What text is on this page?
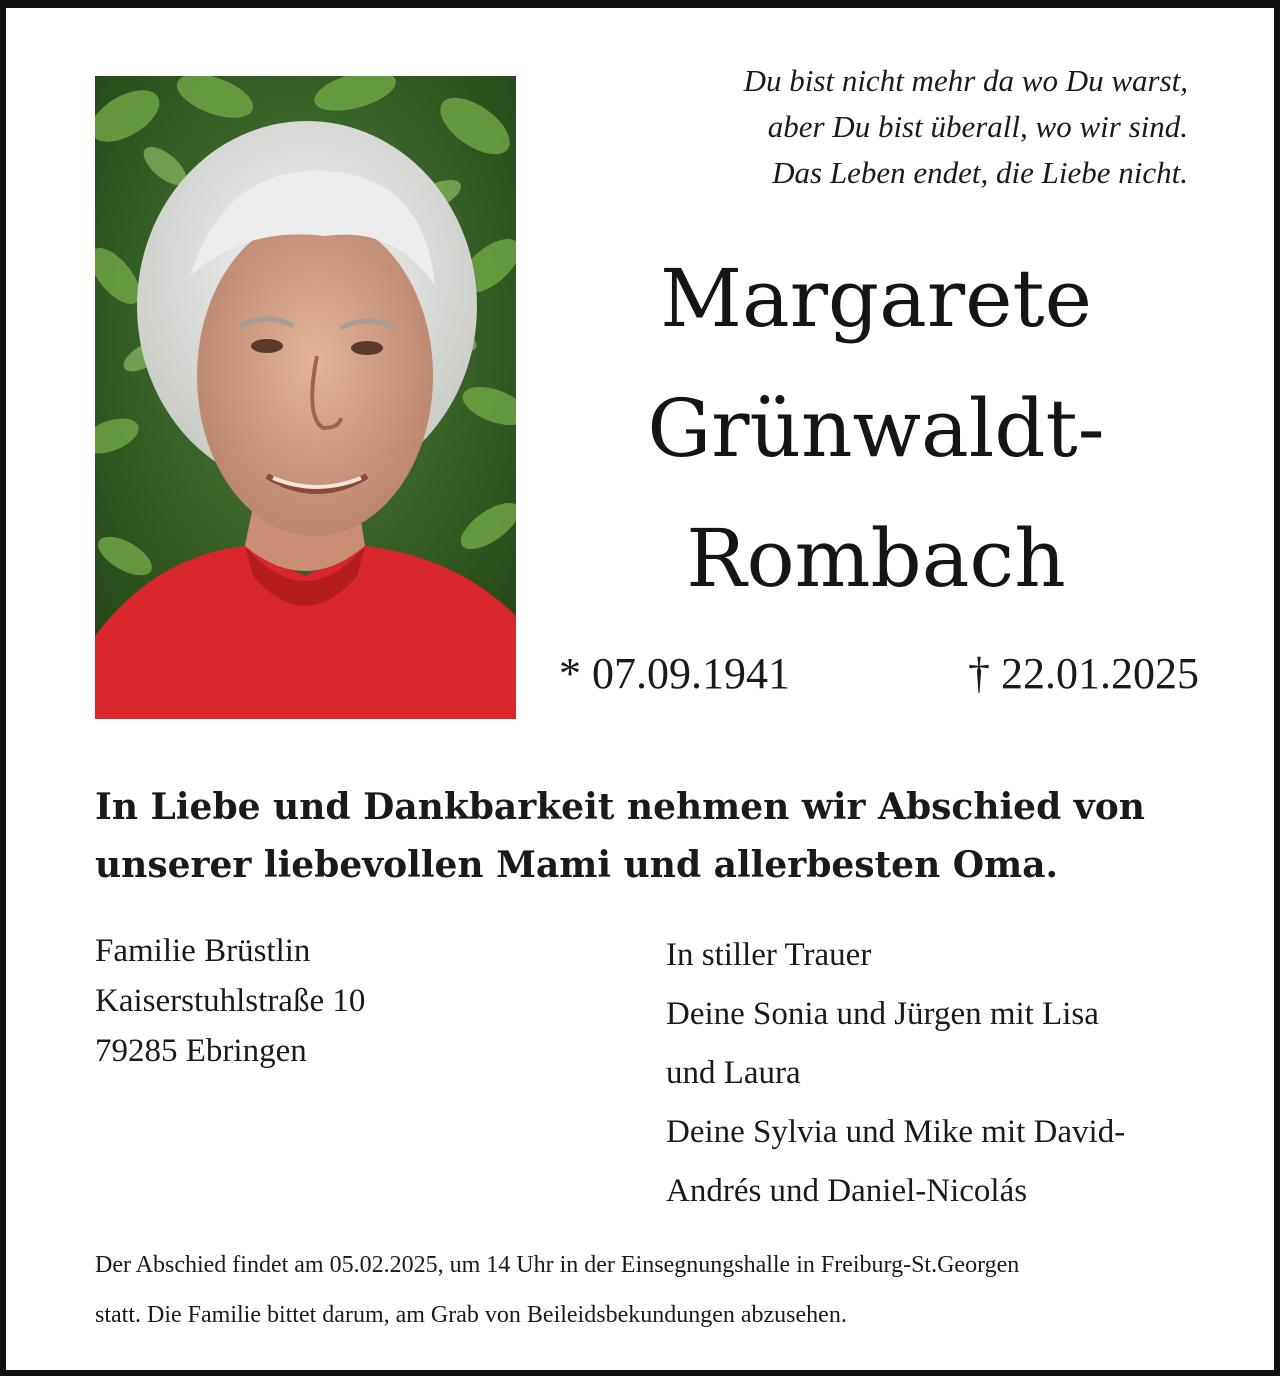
Du bist nicht mehr da wo Du warst,
aber Du bist überall, wo wir sind.
Das Leben endet, die Liebe nicht.
Margarete
Grünwaldt-
Rombach
* 07.09.1941	† 22.01.2025
In Liebe und Dankbarkeit nehmen wir Abschied von
unserer liebevollen Mami und allerbesten Oma.
Familie Brüstlin
Kaiserstuhlstraße 10
79285 Ebringen
In stiller Trauer
Deine Sonia und Jürgen mit Lisa
und Laura
Deine Sylvia und Mike mit David-
Andrés und Daniel-Nicolás
Der Abschied findet am 05.02.2025, um 14 Uhr in der Einsegnungshalle in Freiburg-St.Georgen
statt. Die Familie bittet darum, am Grab von Beileidsbekundungen abzusehen.
